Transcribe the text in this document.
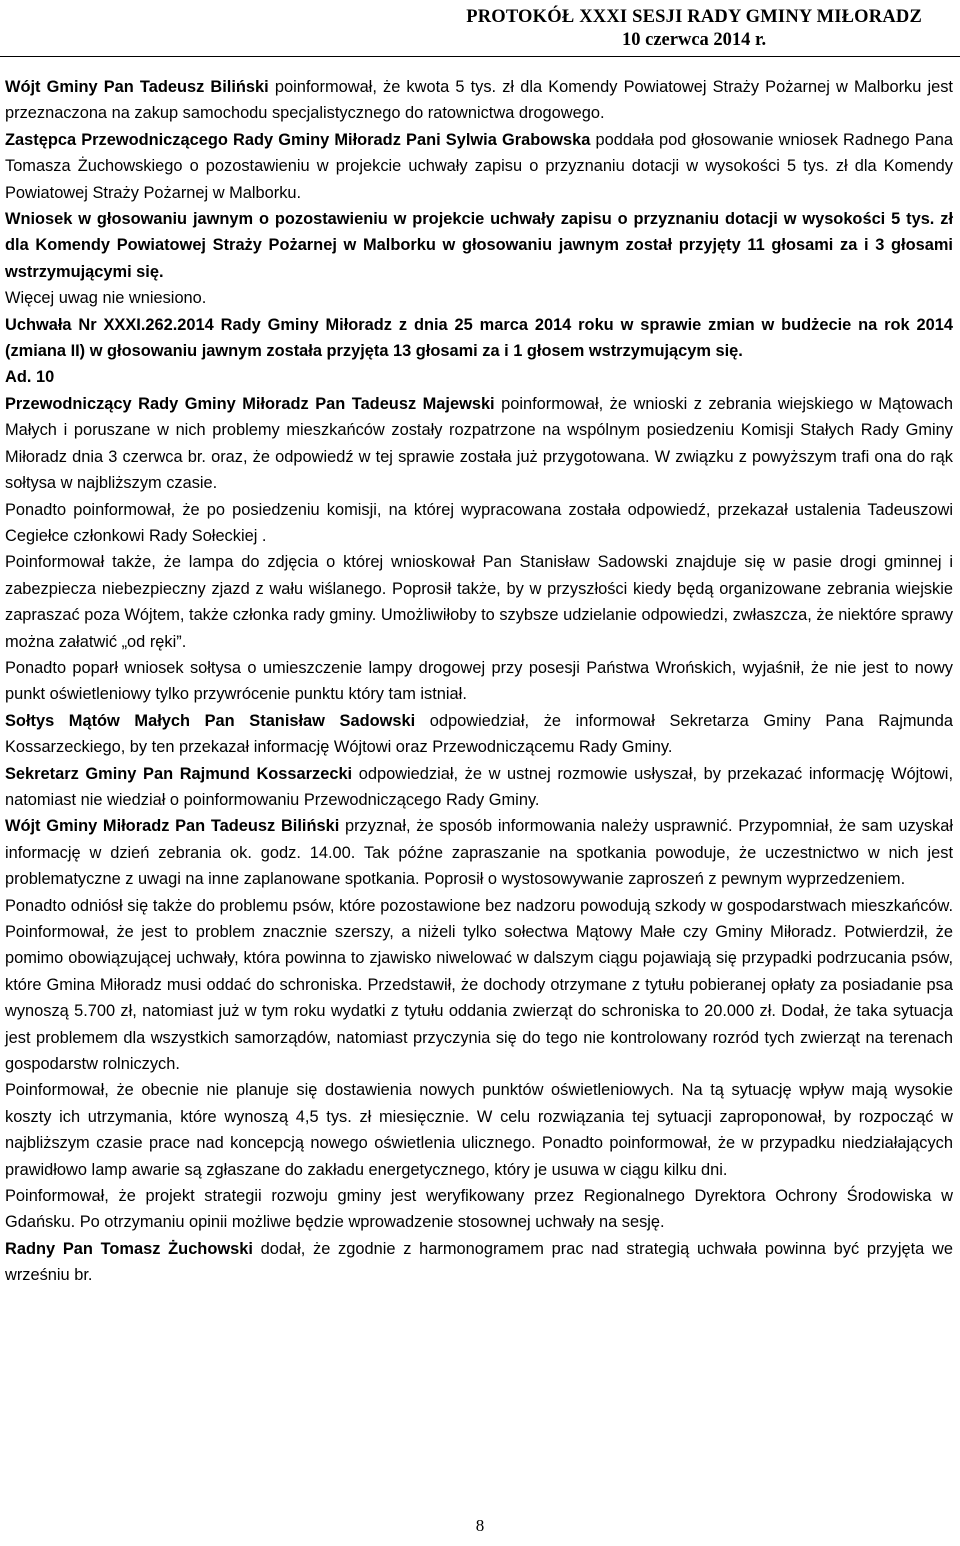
PROTOKÓŁ XXXI SESJI RADY GMINY MIŁORADZ
10 czerwca 2014 r.

Wójt Gminy Pan Tadeusz Biliński poinformował, że kwota 5 tys. zł dla Komendy Powiatowej Straży Pożarnej w Malborku jest przeznaczona na zakup samochodu specjalistycznego do ratownictwa drogowego.

Zastępca Przewodniczącego Rady Gminy Miłoradz Pani Sylwia Grabowska poddała pod głosowanie wniosek Radnego Pana Tomasza Żuchowskiego o pozostawieniu w projekcie uchwały zapisu o przyznaniu dotacji w wysokości 5 tys. zł dla Komendy Powiatowej Straży Pożarnej w Malborku.

Wniosek w głosowaniu jawnym o pozostawieniu w projekcie uchwały zapisu o przyznaniu dotacji w wysokości 5 tys. zł dla Komendy Powiatowej Straży Pożarnej w Malborku w głosowaniu jawnym został przyjęty 11 głosami za i 3 głosami wstrzymującymi się.

Więcej uwag nie wniesiono.

Uchwała Nr XXXI.262.2014 Rady Gminy Miłoradz z dnia 25 marca 2014 roku w sprawie zmian w budżecie na rok 2014 (zmiana II) w głosowaniu jawnym została przyjęta 13 głosami za i 1 głosem wstrzymującym się.

Ad. 10

Przewodniczący Rady Gminy Miłoradz Pan Tadeusz Majewski poinformował, że wnioski z zebrania wiejskiego w Mątowach Małych i poruszane w nich problemy mieszkańców zostały rozpatrzone na wspólnym posiedzeniu Komisji Stałych Rady Gminy Miłoradz dnia 3 czerwca br. oraz, że odpowiedź w tej sprawie została już przygotowana. W związku z powyższym trafi ona do rąk sołtysa w najbliższym czasie.

Ponadto poinformował, że po posiedzeniu komisji, na której wypracowana została odpowiedź, przekazał ustalenia Tadeuszowi Cegiełce członkowi Rady Sołeckiej .

Poinformował także, że lampa do zdjęcia o której wnioskował Pan Stanisław Sadowski znajduje się w pasie drogi gminnej i zabezpiecza niebezpieczny zjazd z wału wiślanego. Poprosił także, by w przyszłości kiedy będą organizowane zebrania wiejskie zapraszać poza Wójtem, także członka rady gminy. Umożliwiłoby to szybsze udzielanie odpowiedzi, zwłaszcza, że niektóre sprawy można załatwić „od ręki”.

Ponadto poparł wniosek sołtysa o umieszczenie lampy drogowej przy posesji Państwa Wrońskich, wyjaśnił, że nie jest to nowy punkt oświetleniowy tylko przywrócenie punktu który tam istniał.

Sołtys Mątów Małych Pan Stanisław Sadowski odpowiedział, że informował Sekretarza Gminy Pana Rajmunda Kossarzeckiego, by ten przekazał informację Wójtowi oraz Przewodniczącemu Rady Gminy.

Sekretarz Gminy Pan Rajmund Kossarzecki odpowiedział, że w ustnej rozmowie usłyszał, by przekazać informację Wójtowi, natomiast nie wiedział o poinformowaniu Przewodniczącego Rady Gminy.

Wójt Gminy Miłoradz Pan Tadeusz Biliński przyznał, że sposób informowania należy usprawnić. Przypomniał, że sam uzyskał informację w dzień zebrania ok. godz. 14.00. Tak późne zapraszanie na spotkania powoduje, że uczestnictwo w nich jest problematyczne z uwagi na inne zaplanowane spotkania. Poprosił o wystosowywanie zaproszeń z pewnym wyprzedzeniem.

Ponadto odniósł się także do problemu psów, które pozostawione bez nadzoru powodują szkody w gospodarstwach mieszkańców. Poinformował, że jest to problem znacznie szerszy, a niżeli tylko sołectwa Mątowy Małe czy Gminy Miłoradz. Potwierdził, że pomimo obowiązującej uchwały, która powinna to zjawisko niwelować w dalszym ciągu pojawiają się przypadki podrzucania psów, które Gmina Miłoradz musi oddać do schroniska. Przedstawił, że dochody otrzymane z tytułu pobieranej opłaty za posiadanie psa wynoszą 5.700 zł, natomiast już w tym roku wydatki z tytułu oddania zwierząt do schroniska to 20.000 zł. Dodał, że taka sytuacja jest problemem dla wszystkich samorządów, natomiast przyczynia się do tego nie kontrolowany rozród tych zwierząt na terenach gospodarstw rolniczych.

Poinformował, że obecnie nie planuje się dostawienia nowych punktów oświetleniowych. Na tą sytuację wpływ mają wysokie koszty ich utrzymania, które wynoszą 4,5 tys. zł miesięcznie. W celu rozwiązania tej sytuacji zaproponował, by rozpocząć w najbliższym czasie prace nad koncepcją nowego oświetlenia ulicznego. Ponadto poinformował, że w przypadku niedziałających prawidłowo lamp awarie są zgłaszane do zakładu energetycznego, który je usuwa w ciągu kilku dni.

Poinformował, że projekt strategii rozwoju gminy jest weryfikowany przez Regionalnego Dyrektora Ochrony Środowiska w Gdańsku. Po otrzymaniu opinii możliwe będzie wprowadzenie stosownej uchwały na sesję.

Radny Pan Tomasz Żuchowski dodał, że zgodnie z harmonogramem prac nad strategią uchwała powinna być przyjęta we wrześniu br.

8
